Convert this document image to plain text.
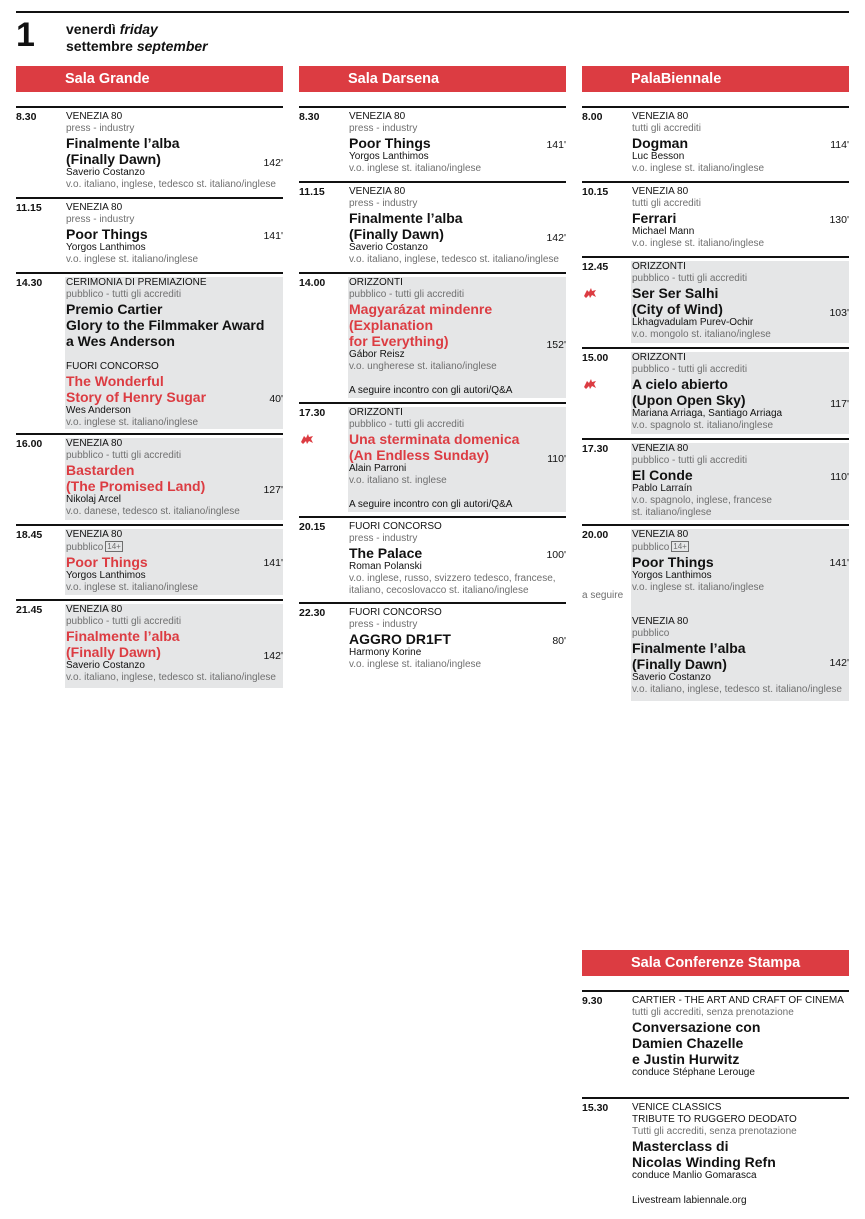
1 venerdì friday
settembre september
Sala Grande	Sala Darsena	PalaBiennale
8.30	VENEZIA 80
press - industry
Finalmente l’alba
(Finally Dawn)	142'
Saverio Costanzo
v.o. italiano, inglese, tedesco st. italiano/inglese
11.15 VENEZIA 80
press - industry
Poor Things	141'
Yorgos Lanthimos
v.o. inglese st. italiano/inglese
14.30 CERIMONIA DI PREMIAZIONE
pubblico - tutti gli accrediti
Premio Cartier
Glory to the Filmmaker Award
a Wes Anderson
FUORI CONCORSO
The Wonderful
Story of Henry Sugar	40'
Wes Anderson
v.o. inglese st. italiano/inglese
16.00 VENEZIA 80
pubblico - tutti gli accrediti
Bastarden
(The Promised Land)	127'
Nikolaj Arcel
v.o. danese, tedesco st. italiano/inglese
18.45 VENEZIA 80
pubblico 14+
Poor Things	141'
Yorgos Lanthimos
v.o. inglese st. italiano/inglese
21.45 VENEZIA 80
pubblico - tutti gli accrediti
Finalmente l’alba
(Finally Dawn)	142'
Saverio Costanzo
v.o. italiano, inglese, tedesco st. italiano/inglese
8.30	VENEZIA 80
press - industry
Poor Things	141'
Yorgos Lanthimos
v.o. inglese st. italiano/inglese
11.15 VENEZIA 80
press - industry
Finalmente l’alba
(Finally Dawn)	142'
Saverio Costanzo
v.o. italiano, inglese, tedesco st. italiano/inglese
14.00 ORIZZONTI
pubblico - tutti gli accrediti
Magyarázat mindenre
(Explanation
for Everything)	152'
Gábor Reisz
v.o. ungherese st. italiano/inglese
A seguire incontro con gli autori/Q&A
17.30 ORIZZONTI
pubblico - tutti gli accrediti
Una sterminata domenica
(An Endless Sunday)	110'
Alain Parroni
v.o. italiano st. inglese
A seguire incontro con gli autori/Q&A
20.15 FUORI CONCORSO
press - industry
The Palace	100'
Roman Polanski
v.o. inglese, russo, svizzero tedesco, francese,
italiano, cecoslovacco st. italiano/inglese
22.30 FUORI CONCORSO
press - industry
AGGRO DR1FT	80'
Harmony Korine
v.o. inglese st. italiano/inglese
8.00	VENEZIA 80
tutti gli accrediti
Dogman	114'
Luc Besson
v.o. inglese st. italiano/inglese
10.15 VENEZIA 80
tutti gli accrediti
Ferrari	130'
Michael Mann
v.o. inglese st. italiano/inglese
12.45 ORIZZONTI
pubblico - tutti gli accrediti
Ser Ser Salhi
(City of Wind)	103'
Lkhagvadulam Purev-Ochir
v.o. mongolo st. italiano/inglese
15.00 ORIZZONTI
pubblico - tutti gli accrediti
A cielo abierto
(Upon Open Sky)	117'
Mariana Arriaga, Santiago Arriaga
v.o. spagnolo st. italiano/inglese
17.30 VENEZIA 80
pubblico - tutti gli accrediti
El Conde	110'
Pablo Larraín
v.o. spagnolo, inglese, francese
st. italiano/inglese
20.00
a seguire
VENEZIA 80
pubblico 14+
Poor Things	141'
Yorgos Lanthimos
v.o. inglese st. italiano/inglese
VENEZIA 80
pubblico
Finalmente l’alba
(Finally Dawn)	142'
Saverio Costanzo
v.o. italiano, inglese, tedesco st. italiano/inglese
Sala Conferenze Stampa
9.30	CARTIER - THE ART AND CRAFT OF CINEMA
tutti gli accrediti, senza prenotazione
Conversazione con
Damien Chazelle
e Justin Hurwitz
conduce Stéphane Lerouge
15.30 VENICE CLASSICS
TRIBUTE TO RUGGERO DEODATO
Tutti gli accrediti, senza prenotazione
Masterclass di
Nicolas Winding Refn
conduce Manlio Gomarasca
Livestream labiennale.org
